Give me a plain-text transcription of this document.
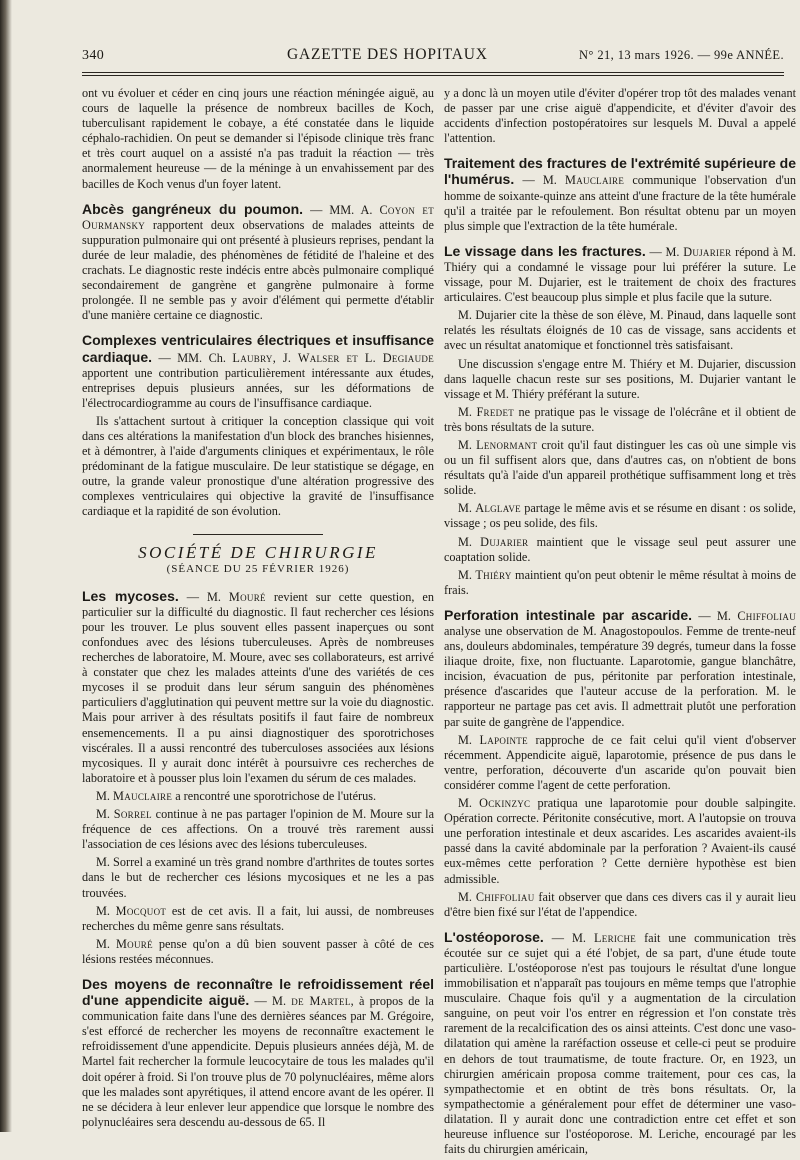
340	GAZETTE DES HOPITAUX	N° 21, 13 mars 1926. — 99e ANNÉE.

ont vu évoluer et céder en cinq jours une réaction méningée aiguë, au cours de laquelle la présence de nombreux bacilles de Koch, tuberculisant rapidement le cobaye, a été constatée dans le liquide céphalo-rachidien. On peut se demander si l'épisode clinique très franc et très court auquel on a assisté n'a pas traduit la réaction — très anormalement heureuse — de la méninge à un envahissement par des bacilles de Koch venus d'un foyer latent.

Abcès gangréneux du poumon. — MM. A. Coyon et Ourmansky rapportent deux observations de malades atteints de suppuration pulmonaire qui ont présenté à plusieurs reprises, pendant la durée de leur maladie, des phénomènes de fétidité de l'haleine et des crachats. Le diagnostic reste indécis entre abcès pulmonaire compliqué secondairement de gangrène et gangrène pulmonaire à forme prolongée. Il ne semble pas y avoir d'élément qui permette d'établir d'une manière certaine ce diagnostic.

Complexes ventriculaires électriques et insuffisance cardiaque. — MM. Ch. Laubry, J. Walser et L. Degiaude apportent une contribution particulièrement intéressante aux études, entreprises depuis plusieurs années, sur les déformations de l'électrocardiogramme au cours de l'insuffisance cardiaque.

Ils s'attachent surtout à critiquer la conception classique qui voit dans ces altérations la manifestation d'un block des branches hisiennes, et à démontrer, à l'aide d'arguments cliniques et expérimentaux, le rôle prédominant de la fatigue musculaire. De leur statistique se dégage, en outre, la grande valeur pronostique d'une altération progressive des complexes ventriculaires qui objective la gravité de l'insuffisance cardiaque et la rapidité de son évolution.

SOCIÉTÉ DE CHIRURGIE
(SÉANCE DU 25 FÉVRIER 1926)

Les mycoses. — M. Mouré revient sur cette question, en particulier sur la difficulté du diagnostic. Il faut rechercher ces lésions pour les trouver. Le plus souvent elles passent inaperçues ou sont confondues avec des lésions tuberculeuses. Après de nombreuses recherches de laboratoire, M. Moure, avec ses collaborateurs, est arrivé à constater que chez les malades atteints d'une des variétés de ces mycoses il se produit dans leur sérum sanguin des phénomènes particuliers d'agglutination qui peuvent mettre sur la voie du diagnostic. Mais pour arriver à des résultats positifs il faut faire de nombreux ensemencements. Il a pu ainsi diagnostiquer des sporotrichoses viscérales. Il a aussi rencontré des tuberculoses associées aux lésions mycosiques. Il y aurait donc intérêt à poursuivre ces recherches de laboratoire et à pousser plus loin l'examen du sérum de ces malades.

M. Mauclaire a rencontré une sporotrichose de l'utérus.

M. Sorrel continue à ne pas partager l'opinion de M. Moure sur la fréquence de ces affections. On a trouvé très rarement aussi l'association de ces lésions avec des lésions tuberculeuses.

M. Sorrel a examiné un très grand nombre d'arthrites de toutes sortes dans le but de rechercher ces lésions mycosiques et ne les a pas trouvées.

M. Mocquot est de cet avis. Il a fait, lui aussi, de nombreuses recherches du même genre sans résultats.

M. Mouré pense qu'on a dû bien souvent passer à côté de ces lésions restées méconnues.

Des moyens de reconnaître le refroidissement réel d'une appendicite aiguë. — M. de Martel, à propos de la communication faite dans l'une des dernières séances par M. Grégoire, s'est efforcé de rechercher les moyens de reconnaître exactement le refroidissement d'une appendicite. Depuis plusieurs années déjà, M. de Martel fait rechercher la formule leucocytaire de tous les malades qu'il doit opérer à froid. Si l'on trouve plus de 70 polynucléaires, même alors que les malades sont apyrétiques, il attend encore avant de les opérer. Il ne se décidera à leur enlever leur appendice que lorsque le nombre des polynucléaires sera descendu au-dessous de 65. Il

y a donc là un moyen utile d'éviter d'opérer trop tôt des malades venant de passer par une crise aiguë d'appendicite, et d'éviter d'avoir des accidents d'infection postopératoires sur lesquels M. Duval a appelé l'attention.

Traitement des fractures de l'extrémité supérieure de l'humérus. — M. Mauclaire communique l'observation d'un homme de soixante-quinze ans atteint d'une fracture de la tête humérale qu'il a traitée par le refoulement. Bon résultat obtenu par un moyen plus simple que l'extraction de la tête humérale.

Le vissage dans les fractures. — M. Dujarier répond à M. Thiéry qui a condamné le vissage pour lui préférer la suture. Le vissage, pour M. Dujarier, est le traitement de choix des fractures articulaires. C'est beaucoup plus simple et plus facile que la suture.

M. Dujarier cite la thèse de son élève, M. Pinaud, dans laquelle sont relatés les résultats éloignés de 10 cas de vissage, sans accidents et avec un résultat anatomique et fonctionnel très satisfaisant.

Une discussion s'engage entre M. Thiéry et M. Dujarier, discussion dans laquelle chacun reste sur ses positions, M. Dujarier vantant le vissage et M. Thiéry préférant la suture.

M. Fredet ne pratique pas le vissage de l'olécrâne et il obtient de très bons résultats de la suture.

M. Lenormant croit qu'il faut distinguer les cas où une simple vis ou un fil suffisent alors que, dans d'autres cas, on n'obtient de bons résultats qu'à l'aide d'un appareil prothétique suffisamment long et très solide.

M. Alglave partage le même avis et se résume en disant : os solide, vissage ; os peu solide, des fils.

M. Dujarier maintient que le vissage seul peut assurer une coaptation solide.

M. Thiéry maintient qu'on peut obtenir le même résultat à moins de frais.

Perforation intestinale par ascaride. — M. Chiffoliau analyse une observation de M. Anagostopoulos. Femme de trente-neuf ans, douleurs abdominales, température 39 degrés, tumeur dans la fosse iliaque droite, fixe, non fluctuante. Laparotomie, gangue blanchâtre, incision, évacuation de pus, péritonite par perforation intestinale, présence d'ascarides que l'auteur accuse de la perforation. M. le rapporteur ne partage pas cet avis. Il admettrait plutôt une perforation par suite de gangrène de l'appendice.

M. Lapointe rapproche de ce fait celui qu'il vient d'observer récemment. Appendicite aiguë, laparotomie, présence de pus dans le ventre, perforation, découverte d'un ascaride qu'on pouvait bien considérer comme l'agent de cette perforation.

M. Ockinzyc pratiqua une laparotomie pour double salpingite. Opération correcte. Péritonite consécutive, mort. A l'autopsie on trouva une perforation intestinale et deux ascarides. Les ascarides avaient-ils passé dans la cavité abdominale par la perforation ? Avaient-ils causé eux-mêmes cette perforation ? Cette dernière hypothèse est bien admissible.

M. Chiffoliau fait observer que dans ces divers cas il y aurait lieu d'être bien fixé sur l'état de l'appendice.

L'ostéoporose. — M. Leriche fait une communication très écoutée sur ce sujet qui a été l'objet, de sa part, d'une étude toute particulière. L'ostéoporose n'est pas toujours le résultat d'une longue immobilisation et n'apparaît pas toujours en même temps que l'atrophie musculaire. Chaque fois qu'il y a augmentation de la circulation sanguine, on peut voir l'os entrer en régression et l'on constate très rarement de la recalcification des os ainsi atteints. C'est donc une vaso-dilatation qui amène la raréfaction osseuse et celle-ci peut se produire en dehors de tout traumatisme, de toute fracture. Or, en 1923, un chirurgien américain proposa comme traitement, pour ces cas, la sympathectomie et en obtint de très bons résultats. Or, la sympathectomie a généralement pour effet de déterminer une vaso-dilatation. Il y aurait donc une contradiction entre cet effet et son heureuse influence sur l'ostéoporose. M. Leriche, encouragé par les faits du chirurgien américain,
